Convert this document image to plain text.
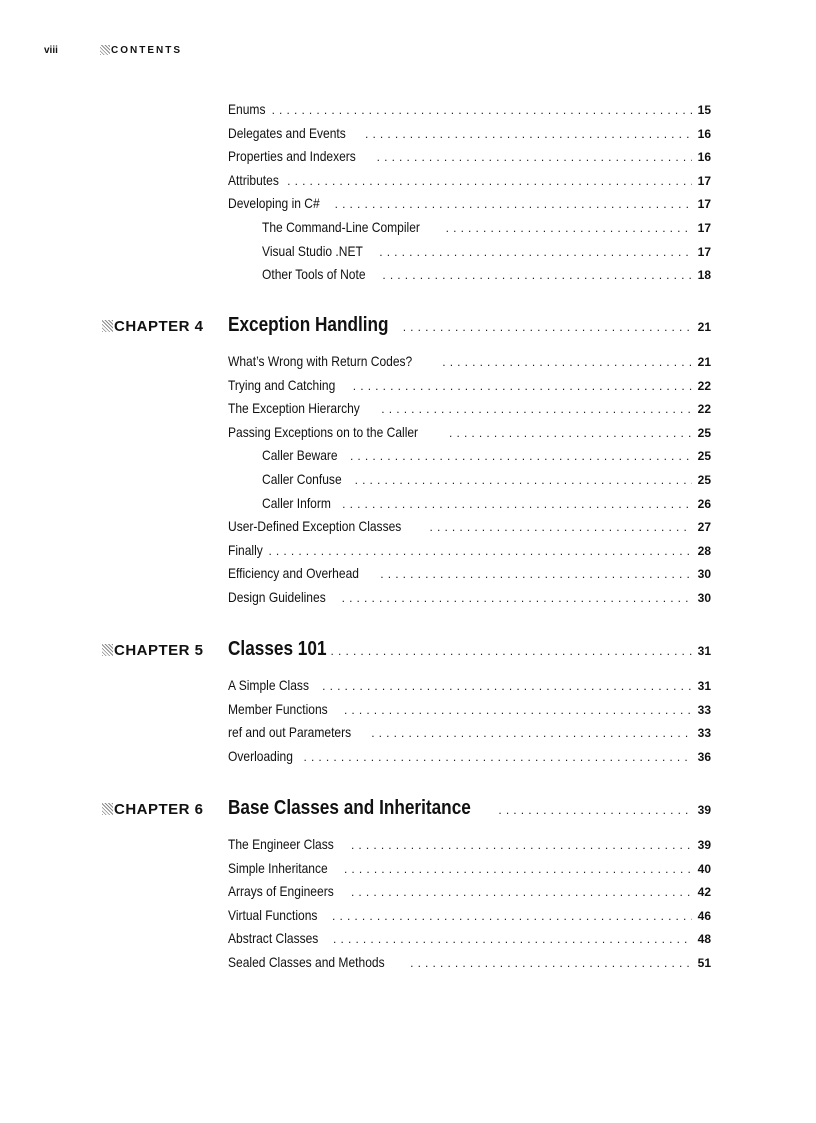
viii	CONTENTS
Enums . . .	15
Delegates and Events . . .	16
Properties and Indexers . . .	16
Attributes . . .	17
Developing in C# . . .	17
The Command-Line Compiler . . .	17
Visual Studio .NET . . .	17
Other Tools of Note . . .	18
CHAPTER 4 Exception Handling . . .	21
What’s Wrong with Return Codes? . . .	21
Trying and Catching . . .	22
The Exception Hierarchy . . .	22
Passing Exceptions on to the Caller . . .	25
Caller Beware . . .	25
Caller Confuse . . .	25
Caller Inform . . .	26
User-Defined Exception Classes . . .	27
Finally . . .	28
Efficiency and Overhead . . .	30
Design Guidelines . . .	30
CHAPTER 5 Classes 101 . . .	31
A Simple Class . . .	31
Member Functions . . .	33
ref and out Parameters . . .	33
Overloading . . .	36
CHAPTER 6 Base Classes and Inheritance . . .	39
The Engineer Class . . .	39
Simple Inheritance . . .	40
Arrays of Engineers . . .	42
Virtual Functions . . .	46
Abstract Classes . . .	48
Sealed Classes and Methods . . .	51
